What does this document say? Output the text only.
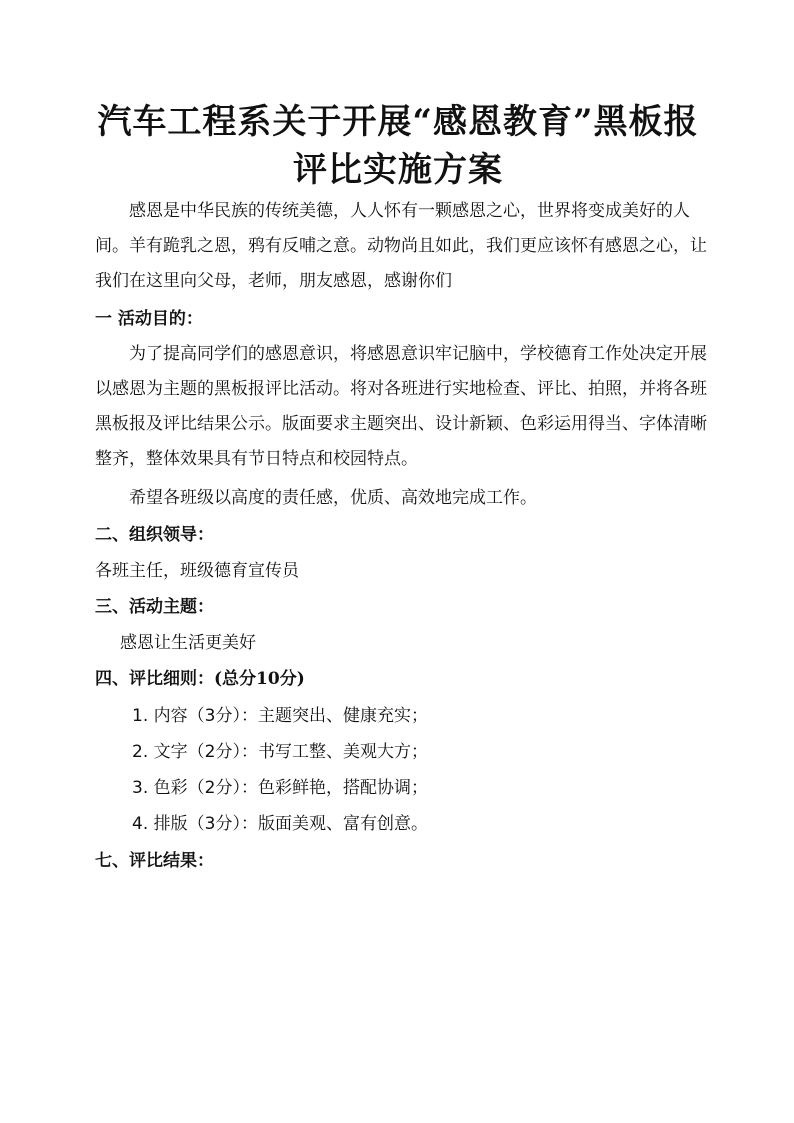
汽车工程系关于开展“感恩教育”黑板报评比实施方案
感恩是中华民族的传统美德，人人怀有一颗感恩之心，世界将变成美好的人间。羊有跪乳之恩，鸦有反哺之意。动物尚且如此，我们更应该怀有感恩之心，让我们在这里向父母，老师，朋友感恩，感谢你们
一 活动目的：
为了提高同学们的感恩意识，将感恩意识牢记脑中，学校德育工作处决定开展以感恩为主题的黑板报评比活动。将对各班进行实地检查、评比、拍照，并将各班黑板报及评比结果公示。版面要求主题突出、设计新颖、色彩运用得当、字体清晰整齐，整体效果具有节日特点和校园特点。
希望各班级以高度的责任感，优质、高效地完成工作。
二、组织领导：
各班主任，班级德育宣传员
三、活动主题：
感恩让生活更美好
四、评比细则：(总分10分)
1. 内容（3分）：主题突出、健康充实；
2. 文字（2分）：书写工整、美观大方；
3. 色彩（2分）：色彩鲜艳，搭配协调；
4. 排版（3分）：版面美观、富有创意。
七、评比结果：
